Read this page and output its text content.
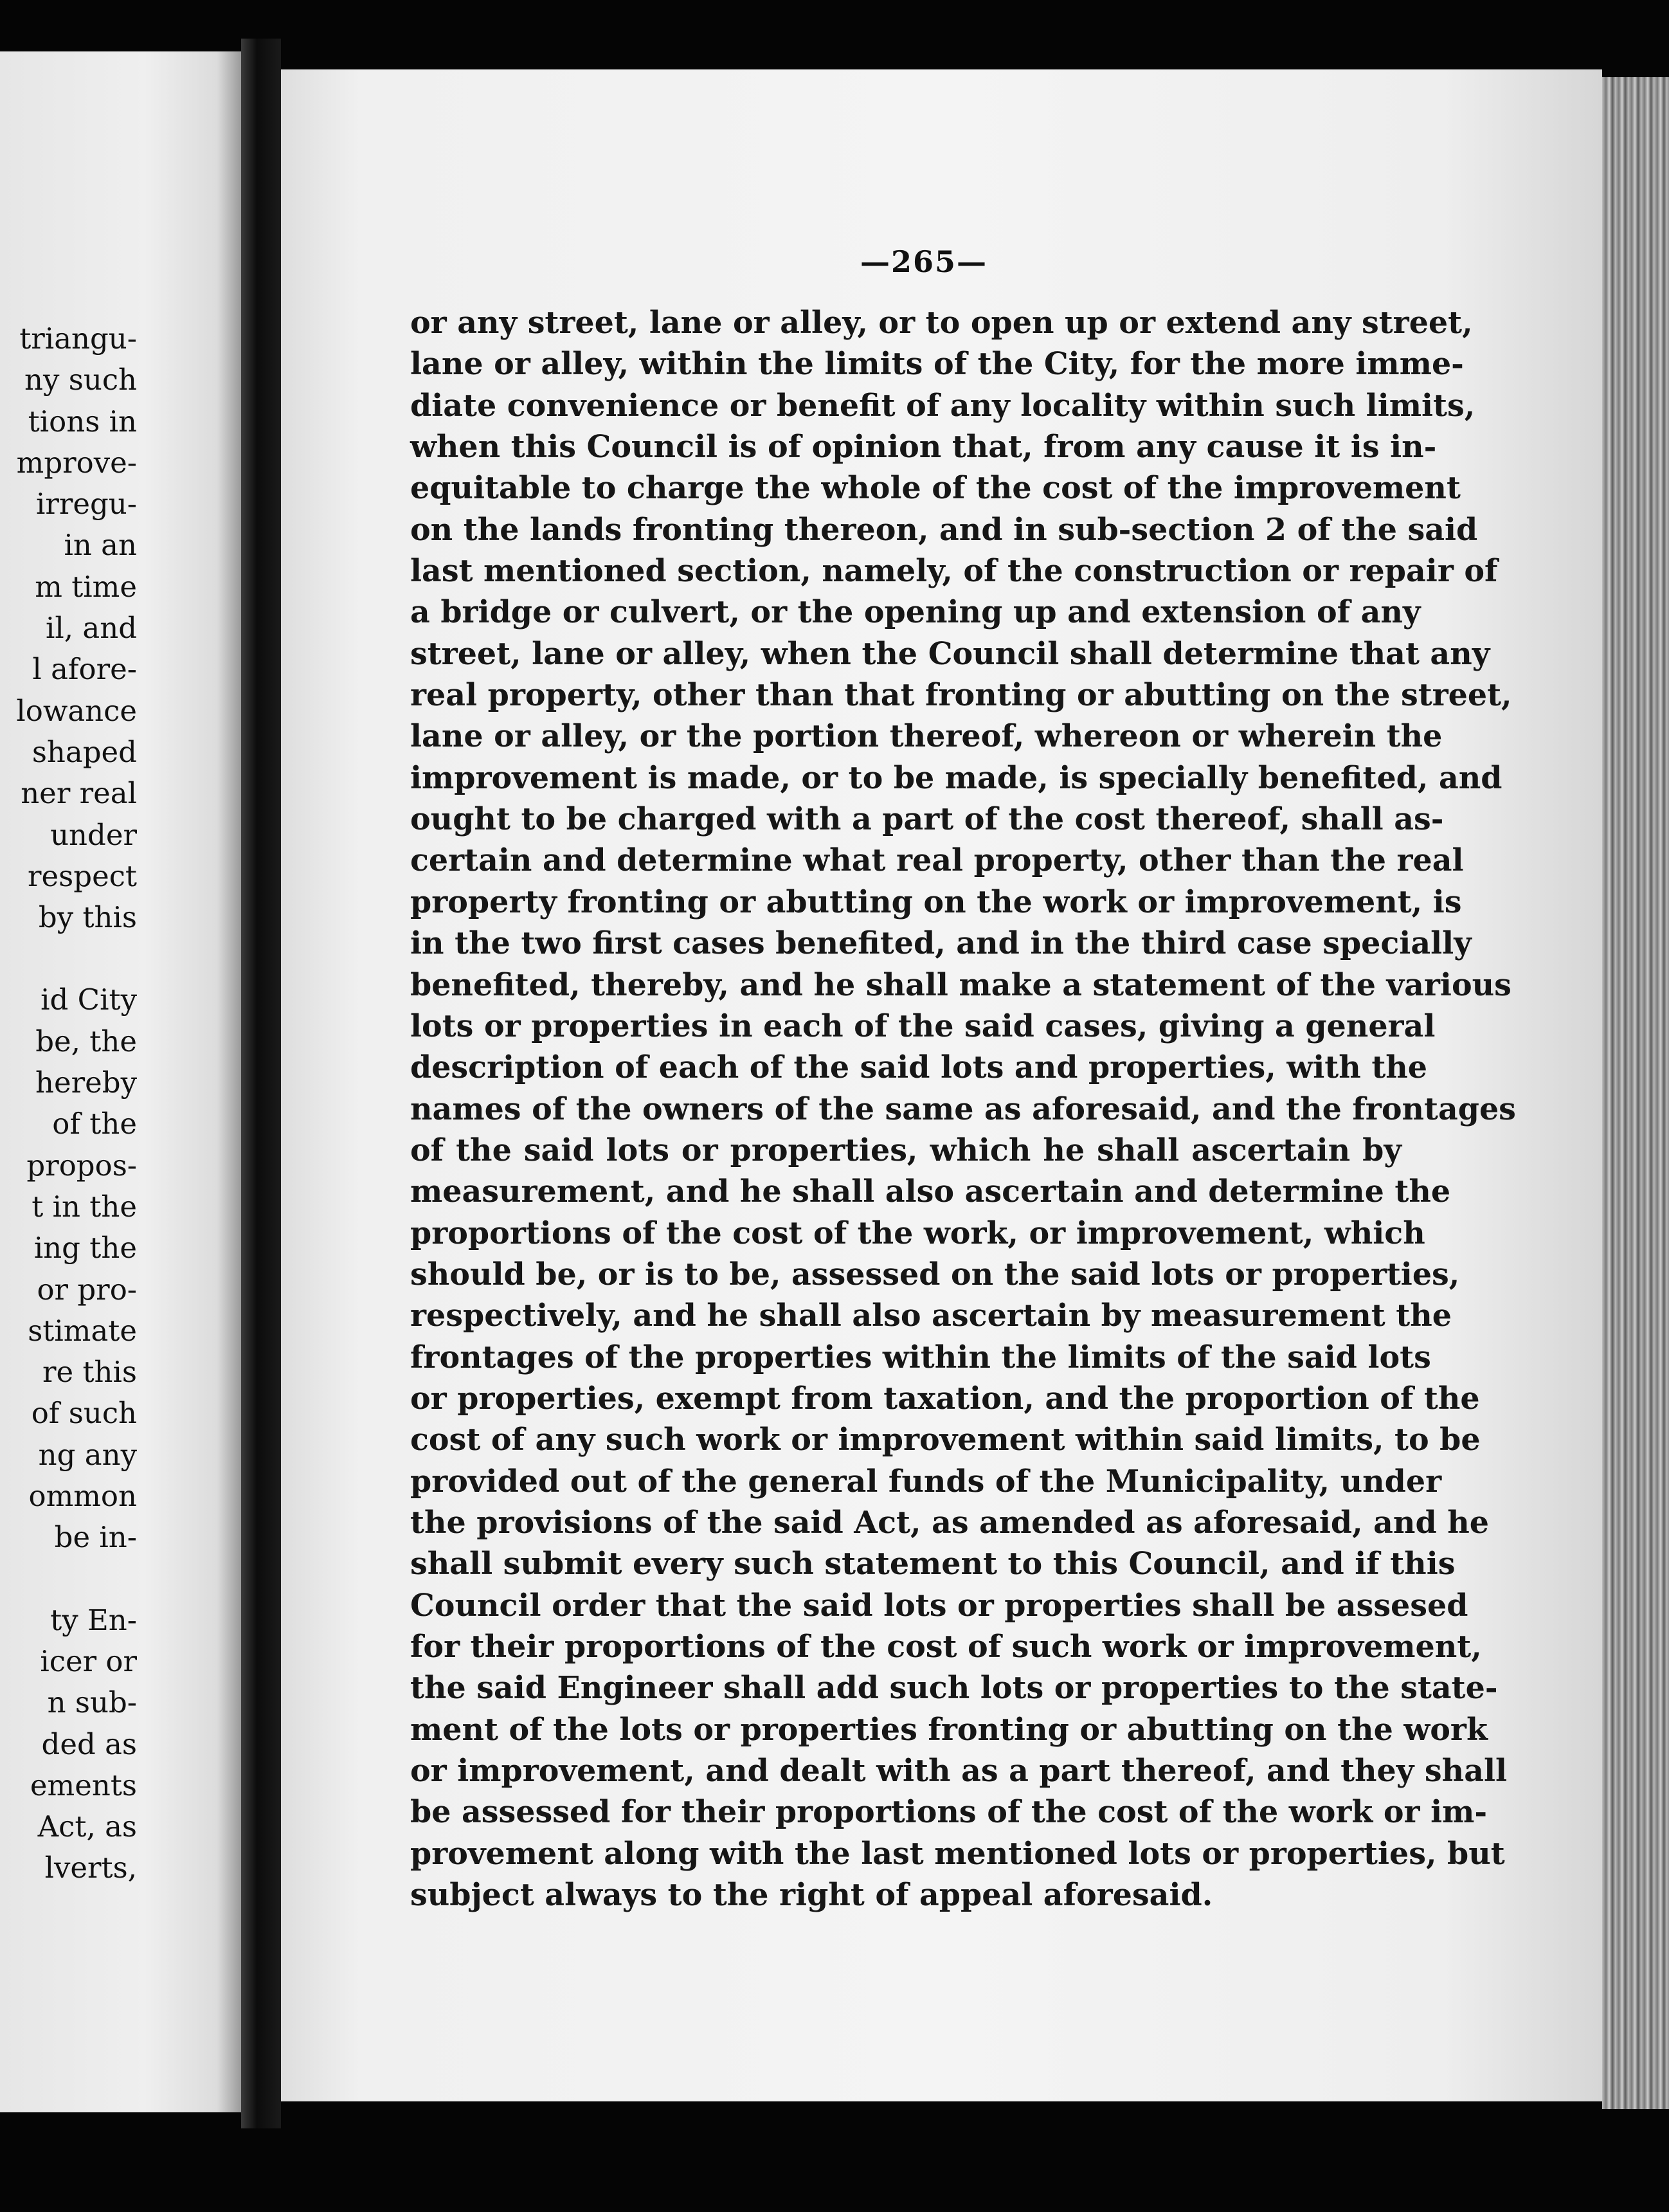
triangu-
ny such
tions in
mprove-
irregu-
in an
m time
il, and
l afore-
lowance
shaped
ner real
under
respect
by this
id City
be, the
hereby
of the
propos-
t in the
ing the
or pro-
stimate
re this
of such
ng any
ommon
be in-
ty En-
icer or
n sub-
ded as
ements
Act, as
lverts,
—265—
or any street, lane or alley, or to open up or extend any street,
lane or alley, within the limits of the City, for the more imme-
diate convenience or benefit of any locality within such limits,
when this Council is of opinion that, from any cause it is in-
equitable to charge the whole of the cost of the improvement
on the lands fronting thereon, and in sub-section 2 of the said
last mentioned section, namely, of the construction or repair of
a bridge or culvert, or the opening up and extension of any
street, lane or alley, when the Council shall determine that any
real property, other than that fronting or abutting on the street,
lane or alley, or the portion thereof, whereon or wherein the
improvement is made, or to be made, is specially benefited, and
ought to be charged with a part of the cost thereof, shall as-
certain and determine what real property, other than the real
property fronting or abutting on the work or improvement, is
in the two first cases benefited, and in the third case specially
benefited, thereby, and he shall make a statement of the various
lots or properties in each of the said cases, giving a general
description of each of the said lots and properties, with the
names of the owners of the same as aforesaid, and the frontages
of the said lots or properties, which he shall ascertain by
measurement, and he shall also ascertain and determine the
proportions of the cost of the work, or improvement, which
should be, or is to be, assessed on the said lots or properties,
respectively, and he shall also ascertain by measurement the
frontages of the properties within the limits of the said lots
or properties, exempt from taxation, and the proportion of the
cost of any such work or improvement within said limits, to be
provided out of the general funds of the Municipality, under
the provisions of the said Act, as amended as aforesaid, and he
shall submit every such statement to this Council, and if this
Council order that the said lots or properties shall be assesed
for their proportions of the cost of such work or improvement,
the said Engineer shall add such lots or properties to the state-
ment of the lots or properties fronting or abutting on the work
or improvement, and dealt with as a part thereof, and they shall
be assessed for their proportions of the cost of the work or im-
provement along with the last mentioned lots or properties, but
subject always to the right of appeal aforesaid.
